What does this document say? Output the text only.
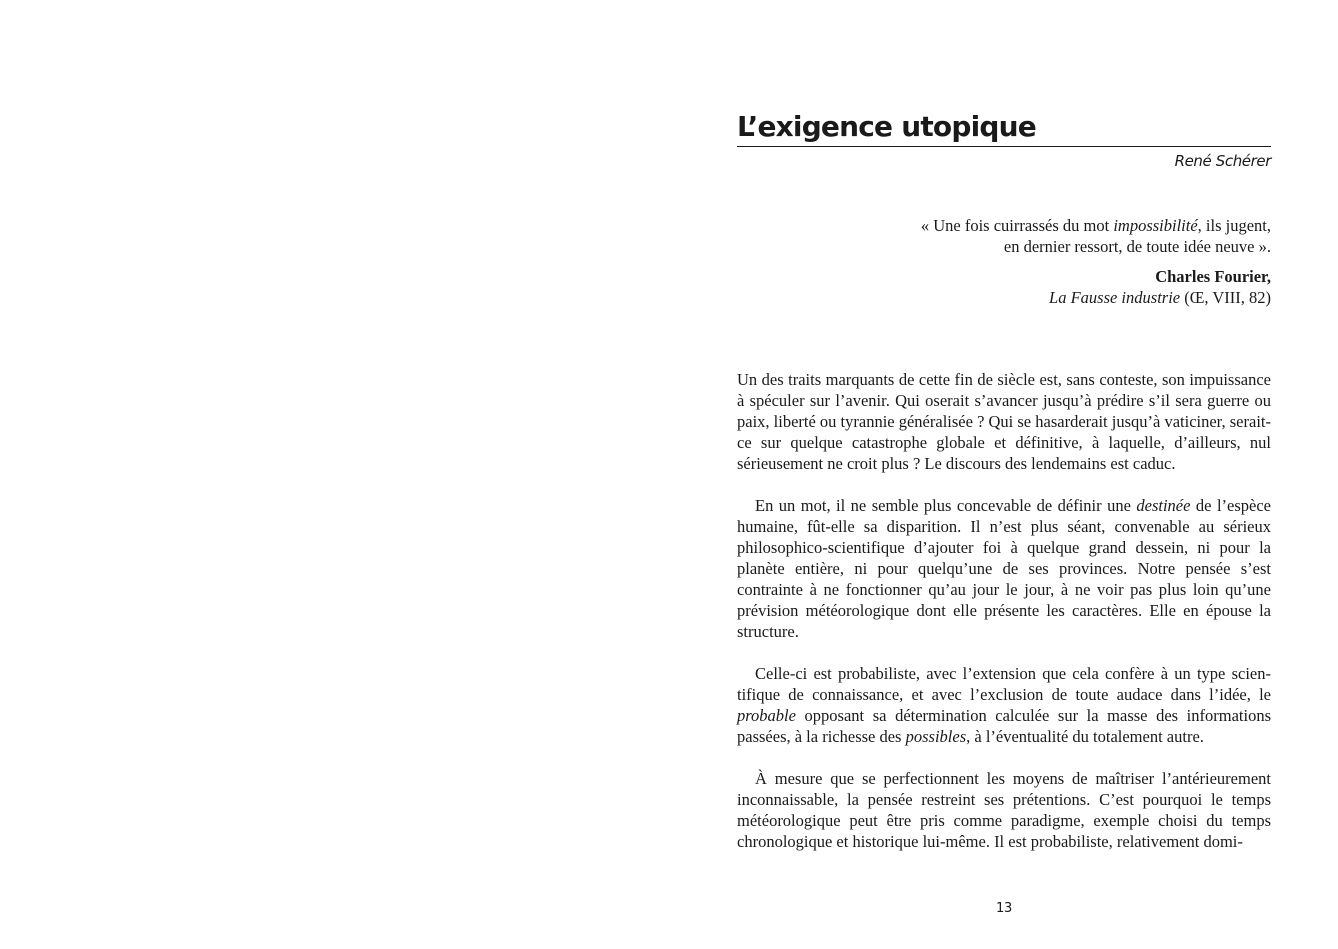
L’exigence utopique
René Schérer

« Une fois cuirrassés du mot impossibilité, ils jugent, en dernier ressort, de toute idée neuve ».

Charles Fourier,

La Fausse industrie (Œ, VIII, 82)

Un des traits marquants de cette fin de siècle est, sans conteste, son impuissance à spéculer sur l’avenir. Qui oserait s’avancer jusqu’à prédire s’il sera guerre ou paix, liberté ou tyrannie généralisée ? Qui se hasarderait jusqu’à vaticiner, serait-ce sur quelque catastrophe globale et définitive, à laquelle, d’ailleurs, nul sérieusement ne croit plus ? Le discours des lendemains est caduc.

En un mot, il ne semble plus concevable de définir une destinée de l’espèce humaine, fût-elle sa disparition. Il n’est plus séant, convenable au sérieux philosophico-scientifique d’ajouter foi à quelque grand dessein, ni pour la planète entière, ni pour quelqu’une de ses provinces. Notre pensée s’est contrainte à ne fonctionner qu’au jour le jour, à ne voir pas plus loin qu’une prévision météorologique dont elle présente les caractères. Elle en épouse la structure.

Celle-ci est probabiliste, avec l’extension que cela confère à un type scientifique de connaissance, et avec l’exclusion de toute audace dans l’idée, le probable opposant sa détermination calculée sur la masse des informations passées, à la richesse des possibles, à l’éventualité du totalement autre.

À mesure que se perfectionnent les moyens de maîtriser l’antérieurement inconnaissable, la pensée restreint ses prétentions. C’est pourquoi le temps météorologique peut être pris comme paradigme, exemple choisi du temps chronologique et historique lui-même. Il est probabiliste, relativement domi-

13
